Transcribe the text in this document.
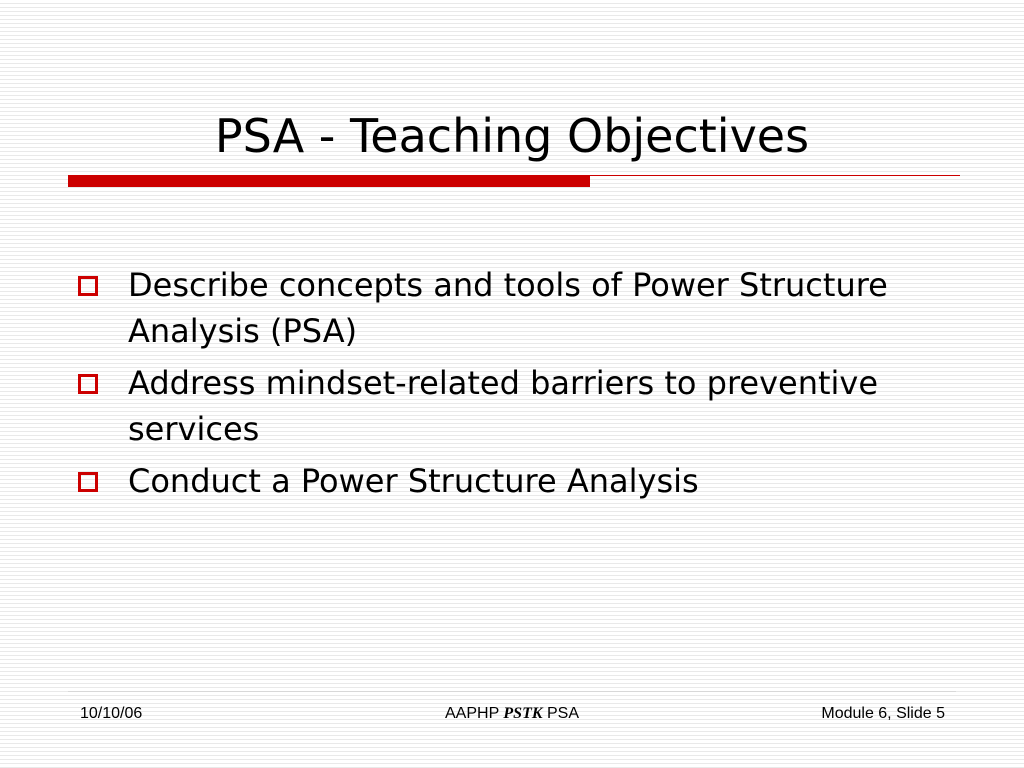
PSA - Teaching Objectives
Describe concepts and tools of Power Structure Analysis (PSA)
Address mindset-related barriers to preventive services
Conduct a Power Structure Analysis
10/10/06	AAPHP PSTK PSA	Module 6, Slide 5
